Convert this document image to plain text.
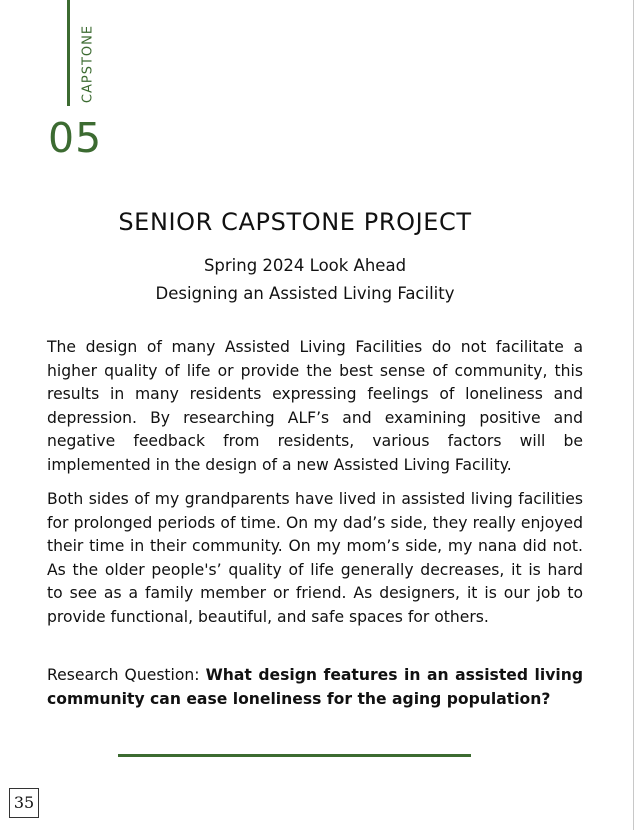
CAPSTONE
05
SENIOR CAPSTONE PROJECT
Spring 2024 Look Ahead
Designing an Assisted Living Facility

The design of many Assisted Living Facilities do not facilitate a higher quality of life or provide the best sense of community, this results in many residents expressing feelings of loneliness and depression. By researching ALF’s and examining positive and negative feedback from residents, various factors will be implemented in the design of a new Assisted Living Facility.

Both sides of my grandparents have lived in assisted living facilities for prolonged periods of time. On my dad’s side, they really enjoyed their time in their community. On my mom’s side, my nana did not. As the older people's’ quality of life generally decreases, it is hard to see as a family member or friend. As designers, it is our job to provide functional, beautiful, and safe spaces for others.

Research Question: What design features in an assisted living community can ease loneliness for the aging population?

35
